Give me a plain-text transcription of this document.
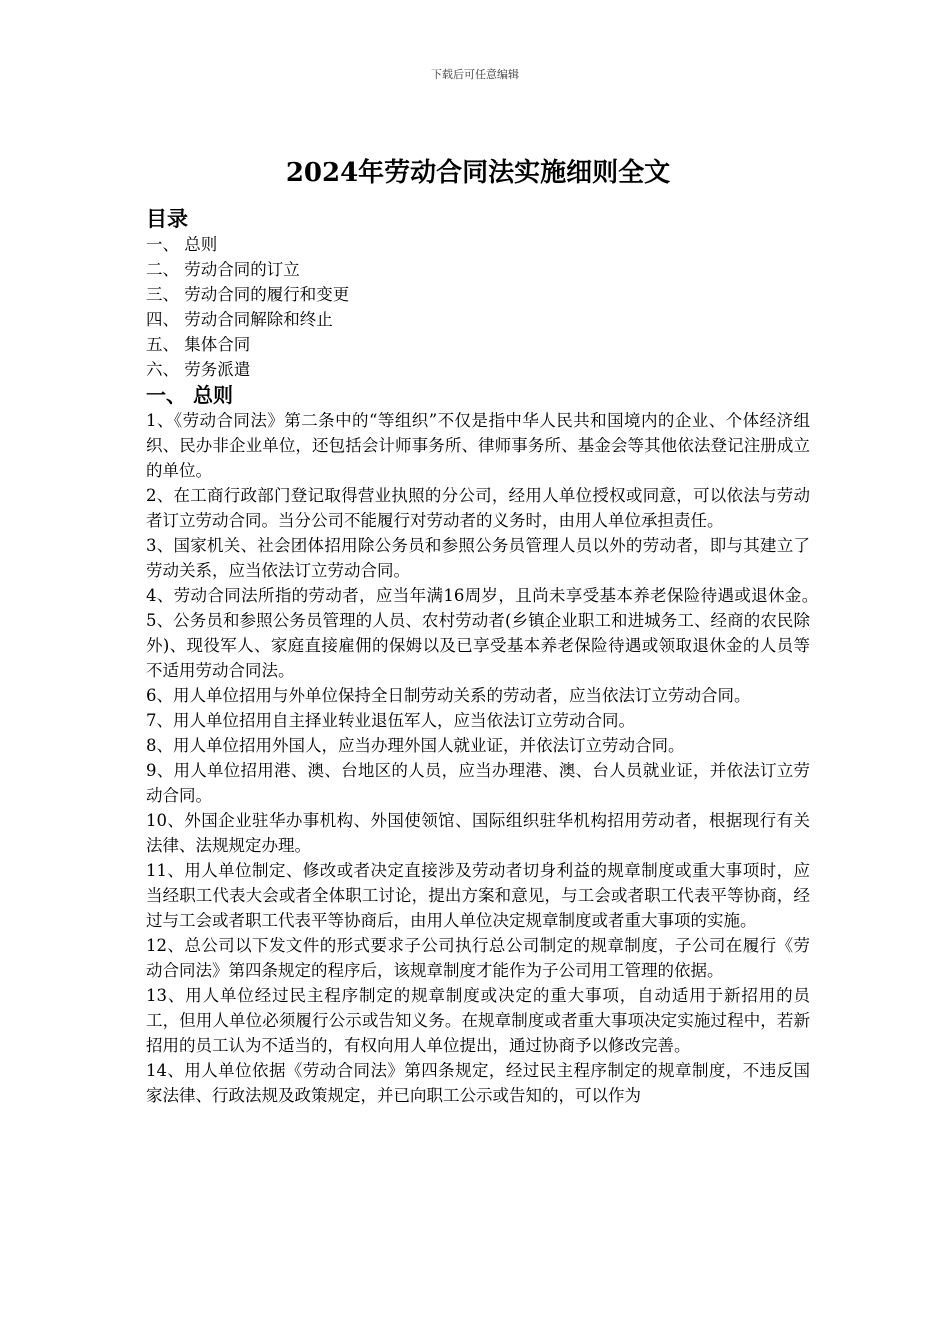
下载后可任意编辑
2024年劳动合同法实施细则全文
目录

一、 总则

二、 劳动合同的订立

三、 劳动合同的履行和变更

四、 劳动合同解除和终止

五、 集体合同

六、 劳务派遣

一、 总则

1、《劳动合同法》第二条中的“等组织”不仅是指中华人民共和国境内的企业、个体经济组织、民办非企业单位，还包括会计师事务所、律师事务所、基金会等其他依法登记注册成立的单位。

2、在工商行政部门登记取得营业执照的分公司，经用人单位授权或同意，可以依法与劳动者订立劳动合同。当分公司不能履行对劳动者的义务时，由用人单位承担责任。

3、国家机关、社会团体招用除公务员和参照公务员管理人员以外的劳动者，即与其建立了劳动关系，应当依法订立劳动合同。

4、劳动合同法所指的劳动者，应当年满16周岁，且尚未享受基本养老保险待遇或退休金。　 5、公务员和参照公务员管理的人员、农村劳动者(乡镇企业职工和进城务工、经商的农民除外)、现役军人、家庭直接雇佣的保姆以及已享受基本养老保险待遇或领取退休金的人员等不适用劳动合同法。

6、用人单位招用与外单位保持全日制劳动关系的劳动者，应当依法订立劳动合同。

7、用人单位招用自主择业转业退伍军人，应当依法订立劳动合同。

8、用人单位招用外国人，应当办理外国人就业证，并依法订立劳动合同。

9、用人单位招用港、澳、台地区的人员，应当办理港、澳、台人员就业证，并依法订立劳动合同。

10、外国企业驻华办事机构、外国使领馆、国际组织驻华机构招用劳动者，根据现行有关法律、法规规定办理。

11、用人单位制定、修改或者决定直接涉及劳动者切身利益的规章制度或重大事项时，应当经职工代表大会或者全体职工讨论，提出方案和意见，与工会或者职工代表平等协商，经过与工会或者职工代表平等协商后，由用人单位决定规章制度或者重大事项的实施。

12、总公司以下发文件的形式要求子公司执行总公司制定的规章制度，子公司在履行《劳动合同法》第四条规定的程序后，该规章制度才能作为子公司用工管理的依据。

13、用人单位经过民主程序制定的规章制度或决定的重大事项，自动适用于新招用的员工，但用人单位必须履行公示或告知义务。在规章制度或者重大事项决定实施过程中，若新招用的员工认为不适当的，有权向用人单位提出，通过协商予以修改完善。

14、用人单位依据《劳动合同法》第四条规定，经过民主程序制定的规章制度，不违反国家法律、行政法规及政策规定，并已向职工公示或告知的，可以作为
